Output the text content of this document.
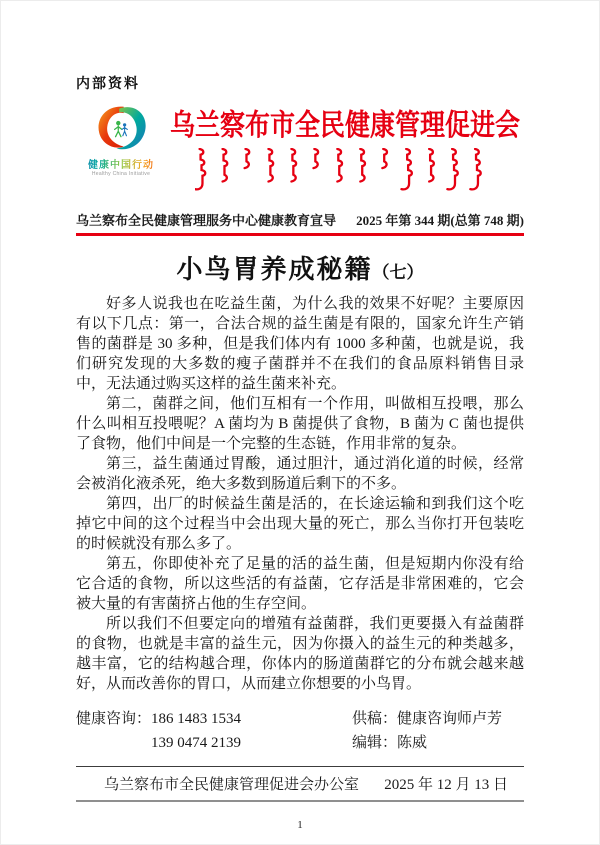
内部资料
健康中国行动
Healthy China Initiative
乌兰察布市全民健康管理促进会
乌兰察布全民健康管理服务中心健康教育宣导 2025 年第 344 期(总第 748 期)
小鸟胃养成秘籍（七）

好多人说我也在吃益生菌，为什么我的效果不好呢？主要原因有以下几点：第一，合法合规的益生菌是有限的，国家允许生产销售的菌群是 30 多种，但是我们体内有 1000 多种菌，也就是说，我们研究发现的大多数的瘦子菌群并不在我们的食品原料销售目录中，无法通过购买这样的益生菌来补充。

第二，菌群之间，他们互相有一个作用，叫做相互投喂，那么什么叫相互投喂呢？A 菌均为 B 菌提供了食物，B 菌为 C 菌也提供了食物，他们中间是一个完整的生态链，作用非常的复杂。

第三，益生菌通过胃酸，通过胆汁，通过消化道的时候，经常会被消化液杀死，绝大多数到肠道后剩下的不多。

第四，出厂的时候益生菌是活的，在长途运输和到我们这个吃掉它中间的这个过程当中会出现大量的死亡，那么当你打开包装吃的时候就没有那么多了。

第五，你即使补充了足量的活的益生菌，但是短期内你没有给它合适的食物，所以这些活的有益菌，它存活是非常困难的，它会被大量的有害菌挤占他的生存空间。

所以我们不但要定向的增殖有益菌群，我们更要摄入有益菌群的食物，也就是丰富的益生元，因为你摄入的益生元的种类越多，越丰富，它的结构越合理，你体内的肠道菌群它的分布就会越来越好，从而改善你的胃口，从而建立你想要的小鸟胃。

健康咨询： 186 1483 1534
139 0474 2139
供稿：健康咨询师卢芳
编辑：陈威
乌兰察布市全民健康管理促进会办公室 2025 年 12 月 13 日
1
